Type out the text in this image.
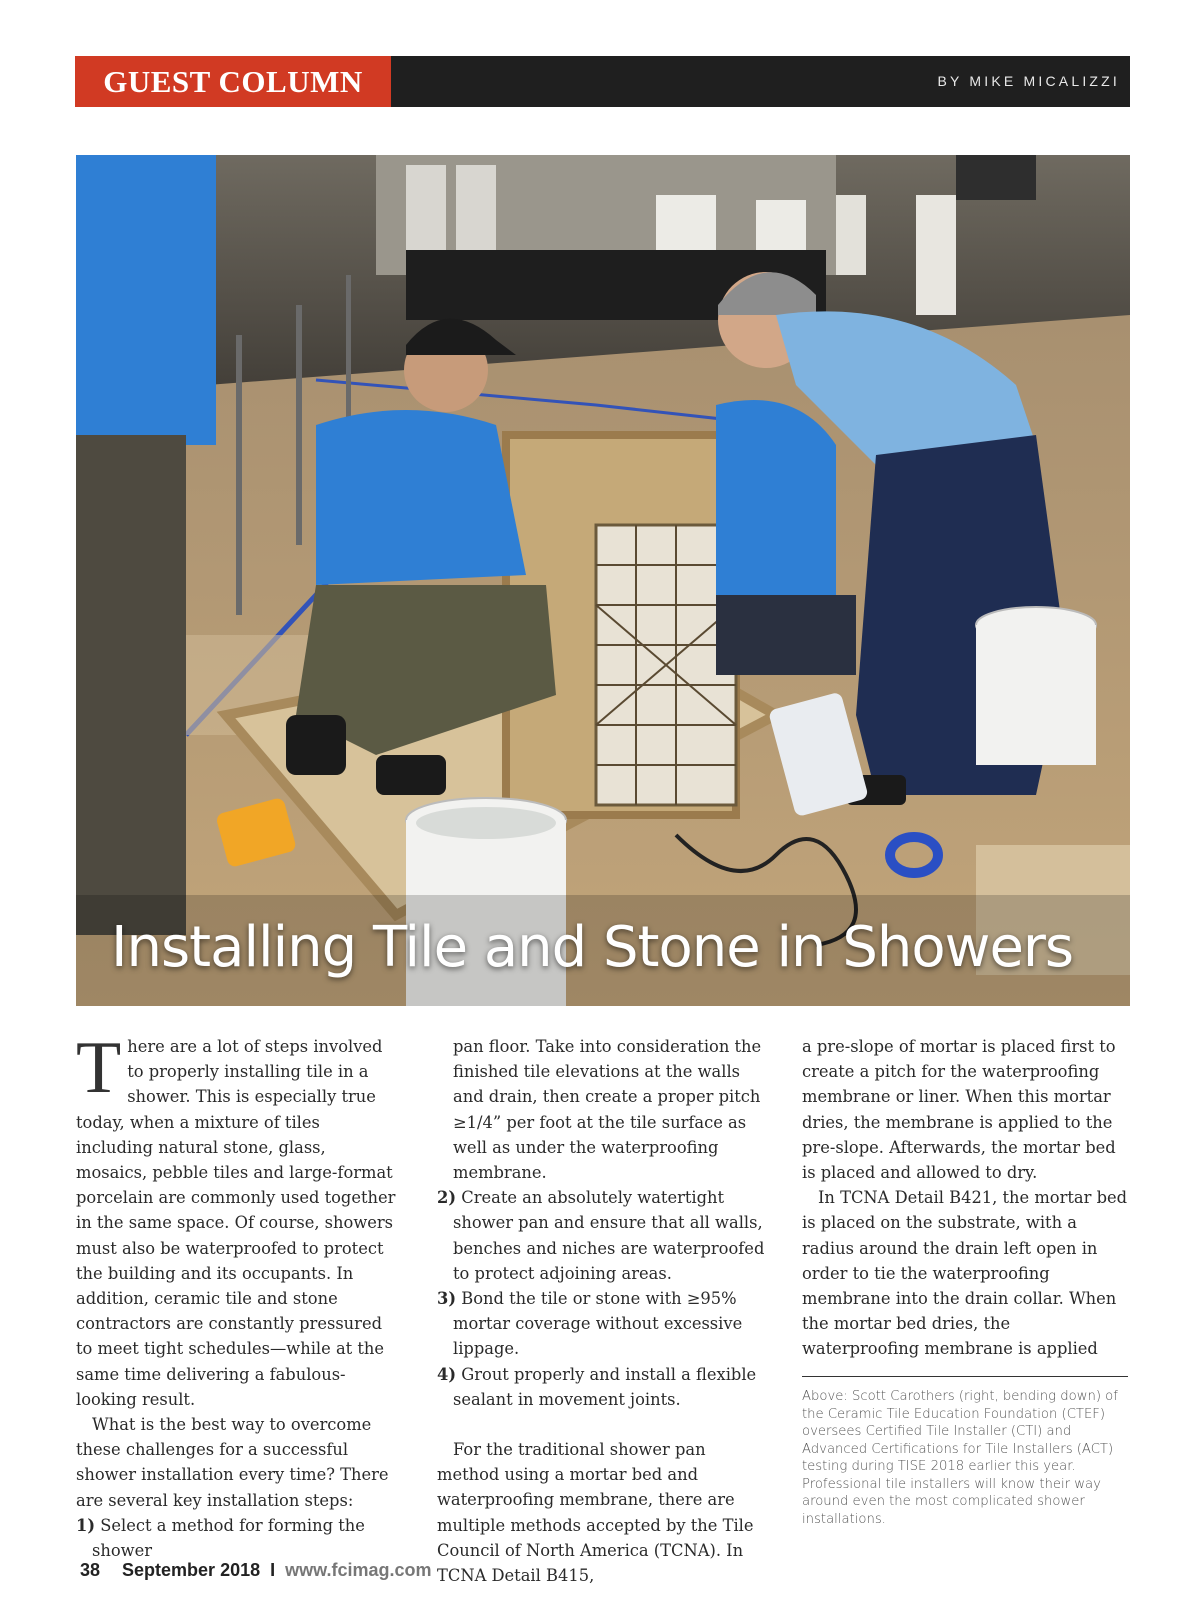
GUEST COLUMN	BY MIKE MICALIZZI
Installing Tile and Stone in Showers

T here are a lot of steps involved to properly installing tile in a shower. This is especially true today, when a mixture of tiles including natural stone, glass, mosaics, pebble tiles and large-format porcelain are commonly used together in the same space. Of course, showers must also be waterproofed to protect the building and its occupants. In addition, ceramic tile and stone contractors are constantly pressured to meet tight schedules—while at the same time delivering a fabulous-looking result.

What is the best way to overcome these challenges for a successful shower installation every time? There are several key installation steps:

1) Select a method for forming the shower

pan floor. Take into consideration the finished tile elevations at the walls and drain, then create a proper pitch ≥1/4” per foot at the tile surface as well as under the waterproofing membrane.

2) Create an absolutely watertight shower pan and ensure that all walls, benches and niches are waterproofed to protect adjoining areas.

3) Bond the tile or stone with ≥95% mortar coverage without excessive lippage.

4) Grout properly and install a flexible sealant in movement joints.

For the traditional shower pan method using a mortar bed and waterproofing membrane, there are multiple methods accepted by the Tile Council of North America (TCNA). In TCNA Detail B415,

a pre-slope of mortar is placed first to create a pitch for the waterproofing membrane or liner. When this mortar dries, the membrane is applied to the pre-slope. Afterwards, the mortar bed is placed and allowed to dry.

In TCNA Detail B421, the mortar bed is placed on the substrate, with a radius around the drain left open in order to tie the waterproofing membrane into the drain collar. When the mortar bed dries, the waterproofing membrane is applied

Above: Scott Carothers (right, bending down) of the Ceramic Tile Education Foundation (CTEF) oversees Certified Tile Installer (CTI) and Advanced Certifications for Tile Installers (ACT) testing during TISE 2018 earlier this year. Professional tile installers will know their way around even the most complicated shower installations.
38 September 2018 I www.fcimag.com
